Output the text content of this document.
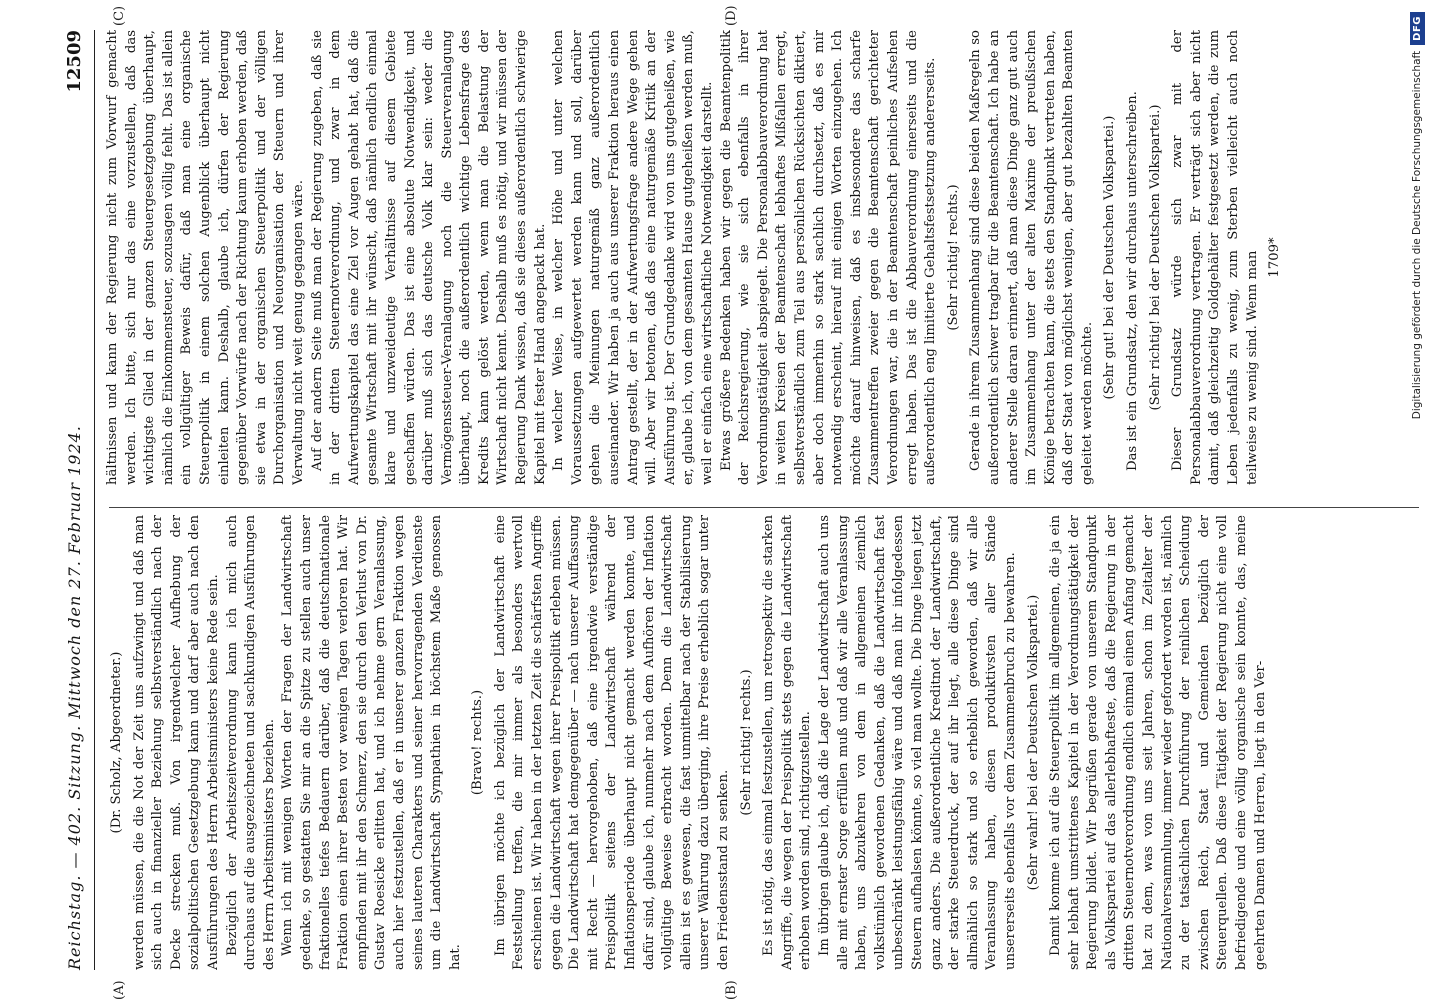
Digitalisierung gefördert durch die Deutsche Forschungsgemeinschaft
DFG
Reichstag. — 402. Sitzung. Mittwoch den 27. Februar 1924.
12509

(Dr. Scholz, Abgeordneter.) werden müssen, die die Not der Zeit uns aufzwingt und daß man sich auch in finanzieller Beziehung selbstverständlich nach der Decke strecken muß. Von irgendwelcher Aufhebung der sozialpolitischen Gesetzgebung kann und darf aber auch nach den Ausführungen des Herrn Arbeitsministers keine Rede sein. Bezüglich der Arbeitszeitverordnung kann ich mich auch durchaus auf die ausgezeichneten und sachkundigen Ausführungen des Herrn Arbeitsministers beziehen. Wenn ich mit wenigen Worten der Fragen der Landwirtschaft gedenke, so gestatten Sie mir an die Spitze zu stellen auch unser fraktionelles tiefes Bedauern darüber, daß die deutschnationale Fraktion einen ihrer Besten vor wenigen Tagen verloren hat. Wir empfinden mit ihr den Schmerz, den sie durch den Verlust von Dr. Gustav Roesicke erlitten hat, und ich nehme gern Veranlassung, auch hier festzustellen, daß er in unserer ganzen Fraktion wegen seines lauteren Charakters und seiner hervorragenden Verdienste um die Landwirtschaft Sympathien in höchstem Maße genossen hat.

(Bravo! rechts.) Im übrigen möchte ich bezüglich der Landwirtschaft eine Feststellung treffen, die mir immer als besonders wertvoll erschienen ist. Wir haben in der letzten Zeit die schärfsten Angriffe gegen die Landwirtschaft wegen ihrer Preispolitik erleben müssen. Die Landwirtschaft hat demgegenüber — nach unserer Auffassung mit Recht — hervorgehoben, daß eine irgendwie verständige Preispolitik seitens der Landwirtschaft während der Inflationsperiode überhaupt nicht gemacht werden konnte, und dafür sind, glaube ich, nunmehr nach dem Aufhören der Inflation vollgültige Beweise erbracht worden. Denn die Landwirtschaft allein ist es gewesen, die fast unmittelbar nach der Stabilisierung unserer Währung dazu überging, ihre Preise erheblich sogar unter den Friedensstand zu senken.

(Sehr richtig! rechts.) Es ist nötig, das einmal festzustellen, um retrospektiv die starken Angriffe, die wegen der Preispolitik stets gegen die Landwirtschaft erhoben worden sind, richtigzustellen. Im übrigen glaube ich, daß die Lage der Landwirtschaft auch uns alle mit ernster Sorge erfüllen muß und daß wir alle Veranlassung haben, uns abzukehren von dem in allgemeinen ziemlich volkstümlich gewordenen Gedanken, daß die Landwirtschaft fast unbeschränkt leistungsfähig wäre und daß man ihr infolgedessen Steuern aufhalsen könnte, so viel man wollte. Die Dinge liegen jetzt ganz anders. Die außerordentliche Kreditnot der Landwirtschaft, der starke Steuerdruck, der auf ihr liegt, alle diese Dinge sind allmählich so stark und so erheblich geworden, daß wir alle Veranlassung haben, diesen produktivsten aller Stände unsererseits ebenfalls vor dem Zusammenbruch zu bewahren. (Sehr wahr! bei der Deutschen Volkspartei.) Damit komme ich auf die Steuerpolitik im allgemeinen, die ja ein sehr lebhaft umstrittenes Kapitel in der Verordnungstätigkeit der Regierung bildet. Wir begrüßen gerade von unserem Standpunkt als Volkspartei auf das allerlebhafteste, daß die Regierung in der dritten Steuernotverordnung endlich einmal einen Anfang gemacht hat zu dem, was von uns seit Jahren, schon im Zeitalter der Nationalversammlung, immer wieder gefordert worden ist, nämlich zu der tatsächlichen Durchführung der reinlichen Scheidung zwischen Reich, Staat und Gemeinden bezüglich der Steuerquellen. Daß diese Tätigkeit der Regierung nicht eine voll befriedigende und eine völlig organische sein konnte, das, meine geehrten Damen und Herren, liegt in den Ver-

hältnissen und kann der Regierung nicht zum Vorwurf gemacht werden. Ich bitte, sich nur das eine vorzustellen, daß das wichtigste Glied in der ganzen Steuergesetzgebung überhaupt, nämlich die Einkommensteuer, sozusagen völlig fehlt. Das ist allein ein vollgültiger Beweis dafür, daß man eine organische Steuerpolitik in einem solchen Augenblick überhaupt nicht einleiten kann. Deshalb, glaube ich, dürfen der Regierung gegenüber Vorwürfe nach der Richtung kaum erhoben werden, daß sie etwa in der organischen Steuerpolitik und der völligen Durchorganisation und Neuorganisation der Steuern und ihrer Verwaltung nicht weit genug gegangen wäre. Auf der andern Seite muß man der Regierung zugeben, daß sie in der dritten Steuernotverordnung, und zwar in dem Aufwertungskapitel das eine Ziel vor Augen gehabt hat, daß die gesamte Wirtschaft mit ihr wünscht, daß nämlich endlich einmal klare und unzweideutige Verhältnisse auf diesem Gebiete geschaffen würden. Das ist eine absolute Notwendigkeit, und darüber muß sich das deutsche Volk klar sein: weder die Vermögenssteuer-Veranlagung noch die Steuerveranlagung überhaupt, noch die außerordentlich wichtige Lebensfrage des Kredits kann gelöst werden, wenn man die Belastung der Wirtschaft nicht kennt. Deshalb muß es nötig, und wir müssen der Regierung Dank wissen, daß sie dieses außerordentlich schwierige Kapitel mit fester Hand angepackt hat. In welcher Weise, in welcher Höhe und unter welchen Voraussetzungen aufgewertet werden kann und soll, darüber gehen die Meinungen naturgemäß ganz außerordentlich auseinander. Wir haben ja auch aus unserer Fraktion heraus einen Antrag gestellt, der in der Aufwertungsfrage andere Wege gehen will. Aber wir betonen, daß das eine naturgemäße Kritik an der Ausführung ist. Der Grundgedanke wird von uns gutgeheißen, wie er, glaube ich, von dem gesamten Hause gutgeheißen werden muß, weil er einfach eine wirtschaftliche Notwendigkeit darstellt. Etwas größere Bedenken haben wir gegen die Beamtenpolitik der Reichsregierung, wie sie sich ebenfalls in ihrer Verordnungstätigkeit abspiegelt. Die Personalabbauverordnung hat in weiten Kreisen der Beamtenschaft lebhaftes Mißfallen erregt, selbstverständlich zum Teil aus persönlichen Rücksichten diktiert, aber doch immerhin so stark sachlich durchsetzt, daß es mir notwendig erscheint, hierauf mit einigen Worten einzugehen. Ich möchte darauf hinweisen, daß es insbesondere das scharfe Zusammentreffen zweier gegen die Beamtenschaft gerichteter Verordnungen war, die in der Beamtenschaft peinliches Aufsehen erregt haben. Das ist die Abbauverordnung einerseits und die außerordentlich eng limitierte Gehaltsfestsetzung andererseits. (Sehr richtig! rechts.) Gerade in ihrem Zusammenhang sind diese beiden Maßregeln so außerordentlich schwer tragbar für die Beamtenschaft. Ich habe an anderer Stelle daran erinnert, daß man diese Dinge ganz gut auch im Zusammenhang unter der alten Maxime der preußischen Könige betrachten kann, die stets den Standpunkt vertreten haben, daß der Staat von möglichst wenigen, aber gut bezahlten Beamten geleitet werden möchte.

(Sehr gut! bei der Deutschen Volkspartei.) Das ist ein Grundsatz, den wir durchaus unterschreiben. (Sehr richtig! bei der Deutschen Volkspartei.) Dieser Grundsatz würde sich zwar mit der Personalabbauverordnung vertragen. Er verträgt sich aber nicht damit, daß gleichzeitig Goldgehälter festgesetzt werden, die zum Leben jedenfalls zu wenig, zum Sterben vielleicht auch noch teilweise zu wenig sind. Wenn man 1709*

(A)	(B)
(C)	(D)
